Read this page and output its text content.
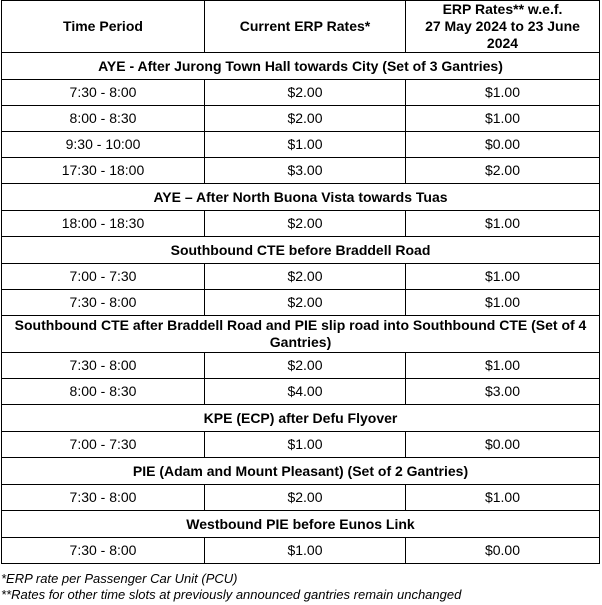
Time Period	Current ERP Rates*	ERP Rates** w.e.f.
27 May 2024 to 23 June 2024
AYE - After Jurong Town Hall towards City (Set of 3 Gantries)		
7:30 - 8:00	$2.00	$1.00
8:00 - 8:30	$2.00	$1.00
9:30 - 10:00	$1.00	$0.00
17:30 - 18:00	$3.00	$2.00
AYE – After North Buona Vista towards Tuas		
18:00 - 18:30	$2.00	$1.00
Southbound CTE before Braddell Road		
7:00 - 7:30	$2.00	$1.00
7:30 - 8:00	$2.00	$1.00
Southbound CTE after Braddell Road and PIE slip road into Southbound CTE (Set of 4 Gantries)		
7:30 - 8:00	$2.00	$1.00
8:00 - 8:30	$4.00	$3.00
KPE (ECP) after Defu Flyover		
7:00 - 7:30	$1.00	$0.00
PIE (Adam and Mount Pleasant) (Set of 2 Gantries)		
7:30 - 8:00	$2.00	$1.00
Westbound PIE before Eunos Link		
7:30 - 8:00	$1.00	$0.00
*ERP rate per Passenger Car Unit (PCU)
**Rates for other time slots at previously announced gantries remain unchanged
